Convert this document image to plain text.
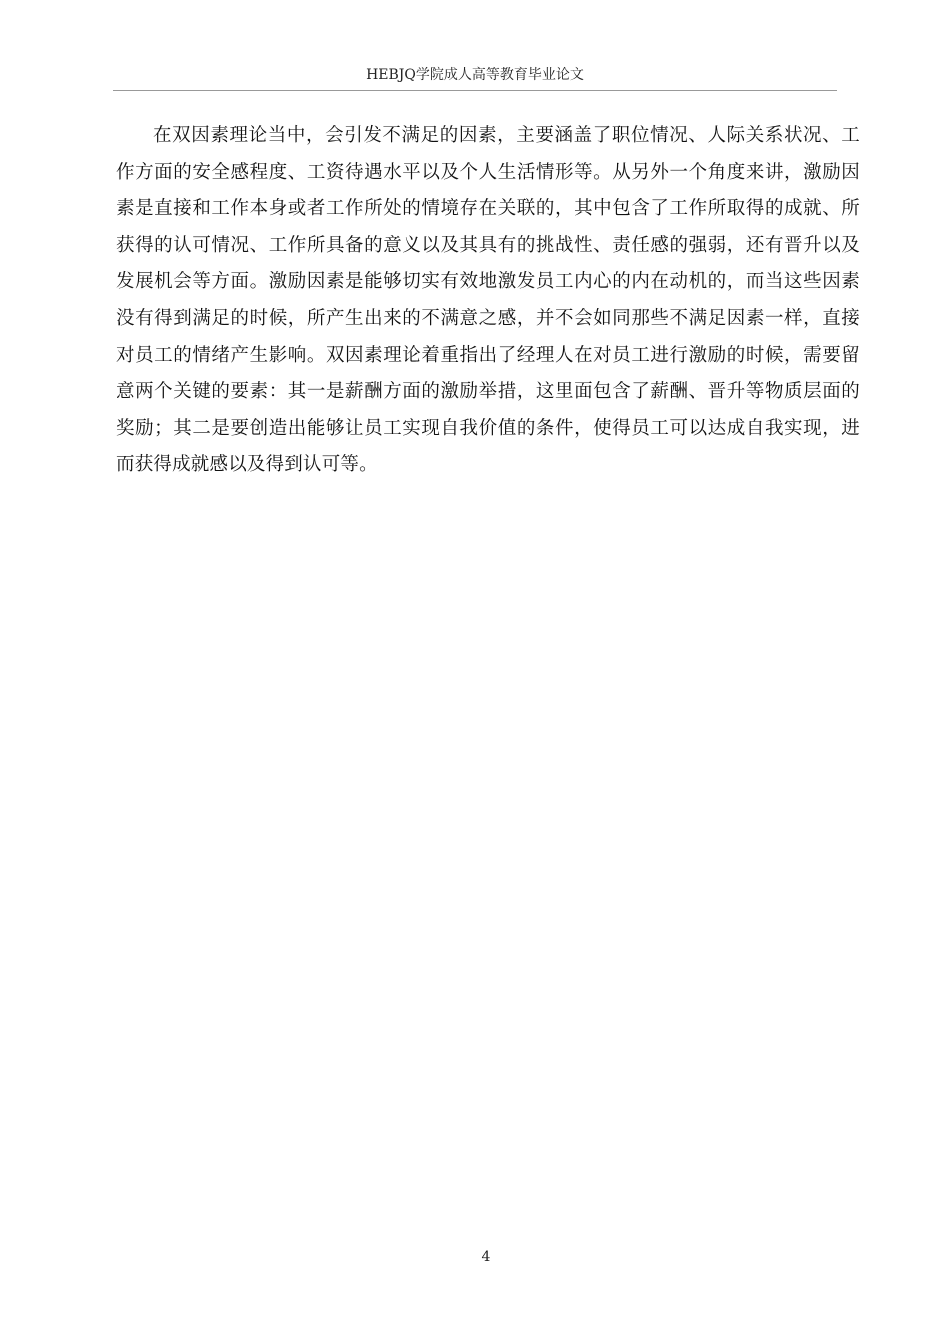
HEBJQ学院成人高等教育毕业论文
在双因素理论当中，会引发不满足的因素，主要涵盖了职位情况、人际关系状况、工
作方面的安全感程度、工资待遇水平以及个人生活情形等。从另外一个角度来讲，激励因
素是直接和工作本身或者工作所处的情境存在关联的，其中包含了工作所取得的成就、所
获得的认可情况、工作所具备的意义以及其具有的挑战性、责任感的强弱，还有晋升以及
发展机会等方面。激励因素是能够切实有效地激发员工内心的内在动机的，而当这些因素
没有得到满足的时候，所产生出来的不满意之感，并不会如同那些不满足因素一样，直接
对员工的情绪产生影响。双因素理论着重指出了经理人在对员工进行激励的时候，需要留
意两个关键的要素：其一是薪酬方面的激励举措，这里面包含了薪酬、晋升等物质层面的
奖励；其二是要创造出能够让员工实现自我价值的条件，使得员工可以达成自我实现，进
而获得成就感以及得到认可等。
4
